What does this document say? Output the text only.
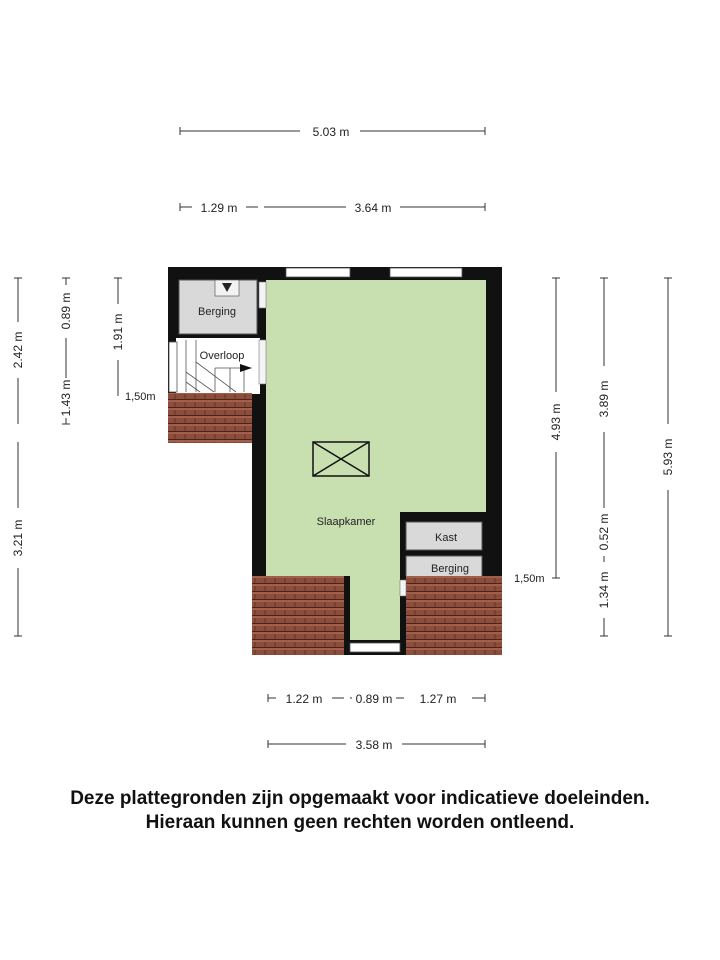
5.03 m
1.29 m	3.64 m
2.42 m
3.21 m
0.89 m
1.43 m
1.91 m
1,50m
4.93 m
3.89 m
0.52 m
1.34 m
5.93 m
1,50m
1.22 m	0.89 m 1.27 m
3.58 m
Berging
Overloop
Slaapkamer
Kast
Berging
Deze plattegronden zijn opgemaakt voor indicatieve doeleinden.
Hieraan kunnen geen rechten worden ontleend.
